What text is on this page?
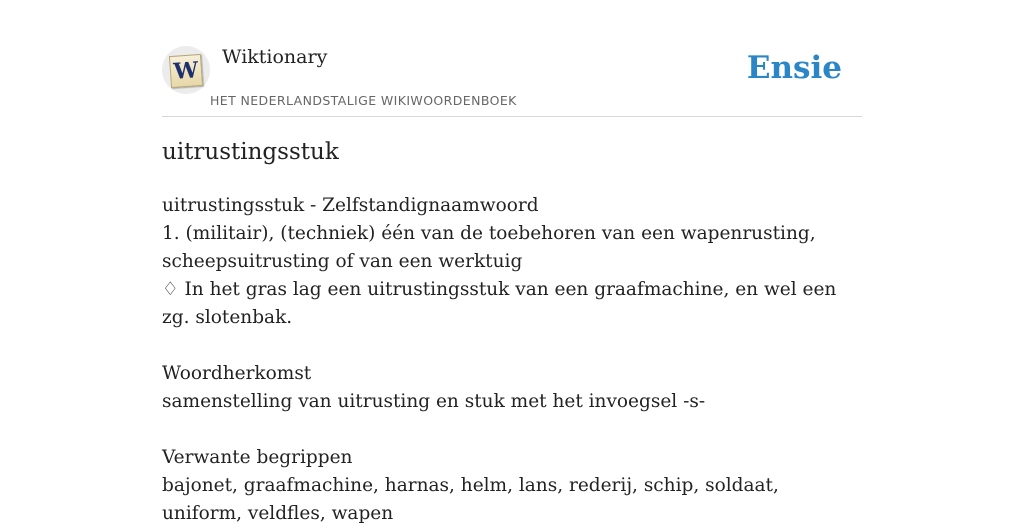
W
Wiktionary
HET NEDERLANDSTALIGE WIKIWOORDENBOEK
Ensie
uitrustingsstuk

uitrustingsstuk - Zelfstandignaamwoord

1. (militair), (techniek) één van de toebehoren van een wapenrusting, scheepsuitrusting of van een werktuig

♢ In het gras lag een uitrustingsstuk van een graafmachine, en wel een zg. slotenbak.

Woordherkomst

samenstelling van uitrusting en stuk met het invoegsel -s-

Verwante begrippen

bajonet, graafmachine, harnas, helm, lans, rederij, schip, soldaat, uniform, veldfles, wapen
